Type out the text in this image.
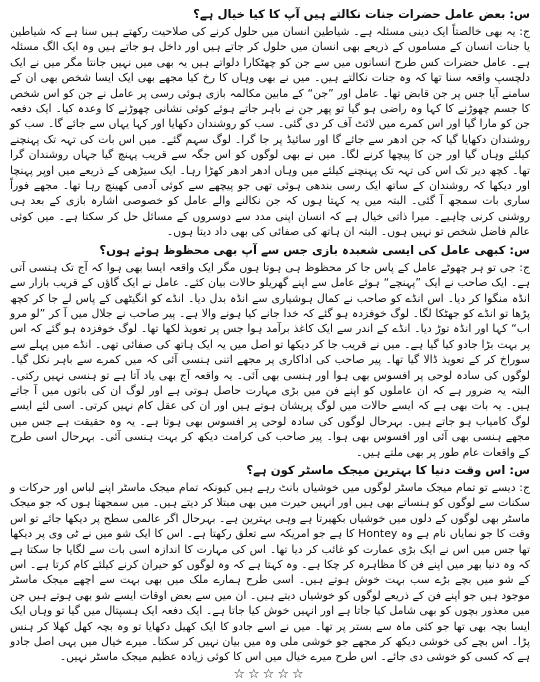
س: بعض عامل حضرات جنات نکالتے ہیں آپ کا کیا خیال ہے؟

ج: یہ بھی خالصتاً ایک دینی مسئلہ ہے۔ شیاطین انسان میں حلول کرنے کی صلاحیت رکھتے ہیں سنا ہے کہ شیاطین یا جنات انسان کے مساموں کے ذریعے بھی انسان میں حلول کر جاتے ہیں اور داخل ہو جاتے ہیں وہ ایک الگ مسئلہ ہے۔ عامل حضرات کس طرح انسانوں میں سے جن کو چھٹکارا دلواتے ہیں یہ بھی میں نہیں جانتا مگر میں نے ایک دلچسپ واقعہ سنا تھا کہ وہ جنات نکالتے ہیں۔ میں نے بھی وہاں کا رخ کیا مجھے بھی ایک ایسا شخص بھی ان کے سامنے آیا جس پر جن قابض تھا۔ عامل اور ”جن“ کے مابین مکالمہ بازی ہوئی رسی پر عامل نے جن کو اس شخص کا جسم چھوڑنے کا کہا وہ راضی ہو گیا تو پھر جن نے باہر جاتے ہوئے کوئی نشانی چھوڑنے کا وعدہ کیا۔ ایک دفعہ جن کو مارا گیا اور اس کمرے میں لائٹ آف کر دی گئی۔ سب کو روشندان دکھایا اور کہا یہاں سے جائے گا۔ سب کو روشندان دکھایا گیا کہ جن ادھر سے جائے گا اور سائیڈ پر جا گرا۔ لوگ سہم گئے۔ میں اس بات کی تہہ تک پہنچنے کیلئے وہاں گیا اور جن کا پیچھا کرنے لگا۔ میں نے بھی لوگوں کو اس جگہ سے قریب پہنچ گیا جہاں روشندان گرا تھا۔ کچھ دیر تک اس کی تہہ تک پہنچنے کیلئے میں وہاں ادھر ادھر کھڑا رہا۔ ایک سیڑھی کے ذریعے میں اوپر پہنچا اور دیکھا کہ روشندان کے ساتھ ایک رسی بندھی ہوئی تھی جو پیچھے سے کوئی آدمی کھینچ رہا تھا۔ مجھے فوراً ساری بات سمجھ آ گئی۔ البتہ میں یہ کہتا ہوں کہ جن نکالنے والے عامل کو خصوصی اشارہ بازی کے بعد ہی روشنی کرنی چاہیے۔ میرا ذاتی خیال ہے کہ انسان اپنی مدد سے دوسروں کے مسائل حل کر سکتا ہے۔ میں کوئی عالم فاضل شخص تو نہیں ہوں۔ البتہ ان ہاتھ کی صفائی کی بھی داد دیتا ہوں۔

س: کبھی عامل کی ایسی شعبدہ بازی جس سے آپ بھی محظوظ ہوئے ہوں؟

ج: جی تو ہر چھوٹے عامل کے پاس جا کر محظوظ ہی ہوتا ہوں مگر ایک واقعہ ایسا بھی ہوا کہ آج تک ہنسی آتی ہے۔ ایک صاحب نے ایک ”پہنچے“ ہوئے عامل سے اپنے گھریلو حالات بیان کئے۔ عامل نے ایک گاؤں کے قریب بازار سے انڈہ منگوا کر دیا۔ اس انڈے کو صاحب نے کمال ہوشیاری سے انڈہ بدل دیا۔ انڈے کو انگیٹھی کے پاس لے جا کر کچھ پڑھا تو انڈے کو جھٹکا لگا۔ لوگ خوفزدہ ہو گئے کہ خدا جانے کیا ہونے والا ہے۔ پیر صاحب نے جلال میں آ کر ”لو مرو اب“ کہا اور انڈہ توڑ دیا۔ انڈے کے اندر سے ایک کاغذ برآمد ہوا جس پر تعویذ لکھا تھا۔ لوگ خوفزدہ ہو گئے کہ اس پر بہت بڑا جادو کیا گیا ہے۔ میں نے قریب جا کر دیکھا تو اصل میں یہ ایک ہاتھ کی صفائی تھی۔ انڈے میں پہلے سے سوراخ کر کے تعویذ ڈالا گیا تھا۔ پیر صاحب کی اداکاری پر مجھے اتنی ہنسی آئی کہ میں کمرے سے باہر نکل گیا۔ لوگوں کی سادہ لوحی پر افسوس بھی ہوا اور ہنسی بھی آئی۔ یہ واقعہ آج بھی یاد آتا ہے تو ہنسی نہیں رکتی۔ البتہ یہ ضرور ہے کہ ان عاملوں کو اپنے فن میں بڑی مہارت حاصل ہوتی ہے اور لوگ ان کی باتوں میں آ جاتے ہیں۔ یہ بات بھی ہے کہ ایسے حالات میں لوگ پریشان ہوتے ہیں اور ان کی عقل کام نہیں کرتی۔ اسی لئے ایسے لوگ کامیاب ہو جاتے ہیں۔ بہرحال لوگوں کی سادہ لوحی پر افسوس بھی ہوتا ہے۔ یہ وہ حقیقت ہے جس میں مجھے ہنسی بھی آئی اور افسوس بھی ہوا۔ پیر صاحب کی کرامت دیکھ کر بہت ہنسی آئی۔ بہرحال اسی طرح کے واقعات عام طور پر بھی ملتے ہیں۔

س: اس وقت دنیا کا بہترین میجک ماسٹر کون ہے؟

ج: دیسے تو تمام میجک ماسٹر لوگوں میں خوشیاں بانٹ رہے ہیں کیونکہ تمام میجک ماسٹر اپنے لباس اور حرکات و سکنات سے لوگوں کو ہنساتے بھی ہیں اور انہیں حیرت میں بھی مبتلا کر دیتے ہیں۔ میں سمجھتا ہوں کہ جو میجک ماسٹر بھی لوگوں کے دلوں میں خوشیاں بکھیرتا ہے وہی بہترین ہے۔ بہرحال اگر عالمی سطح پر دیکھا جائے تو اس وقت کا جو نمایاں نام ہے وہ Hontey کا ہے جو امریکہ سے تعلق رکھتا ہے۔ اس کا ایک شو میں نے ٹی وی پر دیکھا تھا جس میں اس نے ایک بڑی عمارت کو غائب کر دیا تھا۔ اس کی مہارت کا اندازہ اسی بات سے لگایا جا سکتا ہے کہ وہ دنیا بھر میں اپنے فن کا مظاہرہ کر چکا ہے۔ وہ کہتا ہے کہ وہ لوگوں کو حیران کرنے کیلئے کام کرتا ہے۔ اس کے شو میں بچے بڑے سب بہت خوش ہوتے ہیں۔ اسی طرح ہمارے ملک میں بھی بہت سے اچھے میجک ماسٹر موجود ہیں جو اپنے فن کے ذریعے لوگوں کو خوشیاں دیتے ہیں۔ ان میں سے بعض اوقات ایسے شو بھی ہوتے ہیں جن میں معذور بچوں کو بھی شامل کیا جاتا ہے اور انہیں خوش کیا جاتا ہے۔ ایک دفعہ ایک ہسپتال میں گیا تو وہاں ایک ایسا بچہ بھی تھا جو کئی ماہ سے بستر پر تھا۔ میں نے اسے جادو کا ایک کھیل دکھایا تو وہ بچہ کھل کھلا کر ہنس پڑا۔ اس بچے کی خوشی دیکھ کر مجھے جو خوشی ملی وہ میں بیان نہیں کر سکتا۔ میرے خیال میں یہی اصل جادو ہے کہ کسی کو خوشی دی جائے۔ اس طرح میرے خیال میں اس کا کوئی زیادہ عظیم میجک ماسٹر نہیں۔

☆☆☆☆☆
